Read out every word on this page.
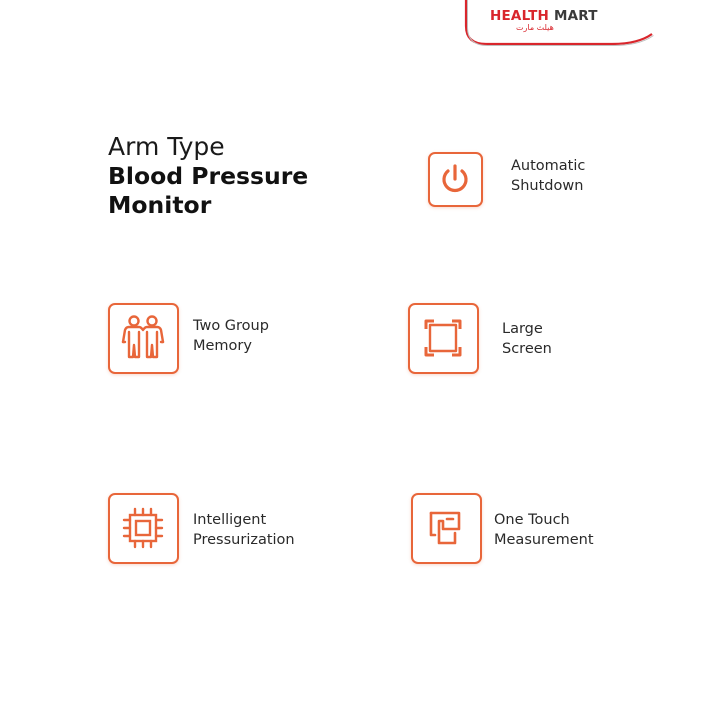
HEALTH MART
هيلث مارت
Arm Type
Blood Pressure
Monitor
Automatic
Shutdown
Two Group
Memory
Large
Screen
Intelligent
Pressurization
One Touch
Measurement
